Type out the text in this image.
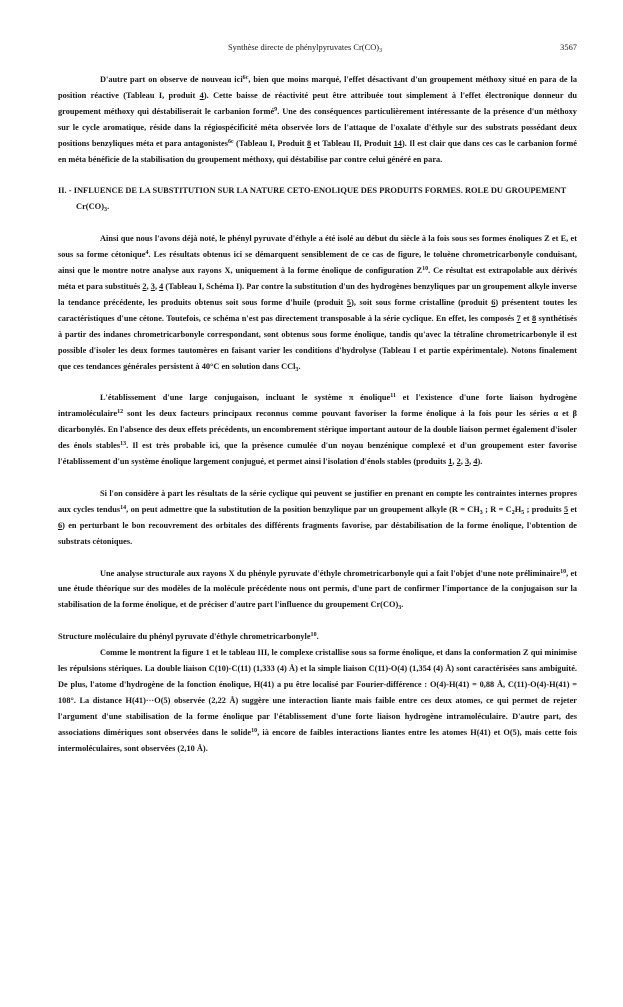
Synthèse directe de phénylpyruvates $Cr(CO)_3$	3567

D'autre part on observe de nouveau ici$^{6c}$, bien que moins marqué, l'effet désactivant d'un groupement méthoxy situé en para de la position réactive (Tableau I, produit 4). Cette baisse de réactivité peut être attribuée tout simplement à l'effet électronique donneur du groupement méthoxy qui déstabiliserait le carbanion formé$^9$. Une des conséquences particulièrement intéressante de la présence d'un méthoxy sur le cycle aromatique, réside dans la régiospécificité méta observée lors de l'attaque de l'oxalate d'éthyle sur des substrats possédant deux positions benzyliques méta et para antagonistes$^{6c}$ (Tableau I, Produit 8 et Tableau II, Produit 14). Il est clair que dans ces cas le carbanion formé en méta bénéficie de la stabilisation du groupement méthoxy, qui déstabilise par contre celui généré en para.

II. - INFLUENCE DE LA SUBSTITUTION SUR LA NATURE CETO-ENOLIQUE DES PRODUITS FORMES. ROLE DU GROUPEMENT $Cr(CO)_3$.

Ainsi que nous l'avons déjà noté, le phényl pyruvate d'éthyle a été isolé au début du siècle à la fois sous ses formes énoliques Z et E, et sous sa forme cétonique$^4$. Les résultats obtenus ici se démarquent sensiblement de ce cas de figure, le toluène chrometricarbonyle conduisant, ainsi que le montre notre analyse aux rayons X, uniquement à la forme énolique de configuration $Z^{10}$. Ce résultat est extrapolable aux dérivés méta et para substitués 2, 3, 4 (Tableau I, Schéma I). Par contre la substitution d'un des hydrogènes benzyliques par un groupement alkyle inverse la tendance précédente, les produits obtenus soit sous forme d'huile (produit 5), soit sous forme cristalline (produit 6) présentent toutes les caractéristiques d'une cétone. Toutefois, ce schéma n'est pas directement transposable à la série cyclique. En effet, les composés 7 et 8 synthétisés à partir des indanes chrometricarbonyle correspondant, sont obtenus sous forme énolique, tandis qu'avec la tétraline chrometricarbonyle il est possible d'isoler les deux formes tautomères en faisant varier les conditions d'hydrolyse (Tableau I et partie expérimentale). Notons finalement que ces tendances générales persistent à 40°C en solution dans CCl$_3$.

L'établissement d'une large conjugaison, incluant le système π énolique$^{11}$ et l'existence d'une forte liaison hydrogène intramoléculaire$^{12}$ sont les deux facteurs principaux reconnus comme pouvant favoriser la forme énolique à la fois pour les séries α et β dicarbonylés. En l'absence des deux effets précédents, un encombrement stérique important autour de la double liaison permet également d'isoler des énols stables$^{13}$. Il est très probable ici, que la présence cumulée d'un noyau benzénique complexé et d'un groupement ester favorise l'établissement d'un système énolique largement conjugué, et permet ainsi l'isolation d'énols stables (produits 1, 2, 3, 4).

Si l'on considère à part les résultats de la série cyclique qui peuvent se justifier en prenant en compte les contraintes internes propres aux cycles tendus$^{14}$, on peut admettre que la substitution de la position benzylique par un groupement alkyle ($R = CH_3$ ; $R = C_2H_5$ ; produits 5 et 6) en perturbant le bon recouvrement des orbitales des différents fragments favorise, par déstabilisation de la forme énolique, l'obtention de substrats cétoniques.

Une analyse structurale aux rayons X du phényle pyruvate d'éthyle chrometricarbonyle qui a fait l'objet d'une note préliminaire$^{10}$, et une étude théorique sur des modèles de la molécule précédente nous ont permis, d'une part de confirmer l'importance de la conjugaison sur la stabilisation de la forme énolique, et de préciser d'autre part l'influence du groupement $Cr(CO)_3$.

Structure moléculaire du phényl pyruvate d'éthyle chrometricarbonyle$^{10}$.

Comme le montrent la figure 1 et le tableau III, le complexe cristallise sous sa forme énolique, et dans la conformation Z qui minimise les répulsions stériques. La double liaison C(10)-C(11) (1,333 (4) Å) et la simple liaison C(11)-O(4) (1,354 (4) Å) sont caractérisées sans ambiguité. De plus, l'atome d'hydrogène de la fonction énolique, H(41) a pu être localisé par Fourier-différence : O(4)-H(41) = 0,88 Å, C(11)-O(4)-H(41) = 108°. La distance H(41)···O(5) observée (2,22 Å) suggère une interaction liante mais faible entre ces deux atomes, ce qui permet de rejeter l'argument d'une stabilisation de la forme énolique par l'établissement d'une forte liaison hydrogène intramoléculaire. D'autre part, des associations dimériques sont observées dans le solide$^{10}$, ià encore de faibles interactions liantes entre les atomes H(41) et O(5), mais cette fois intermoléculaires, sont observées (2,10 Å).
